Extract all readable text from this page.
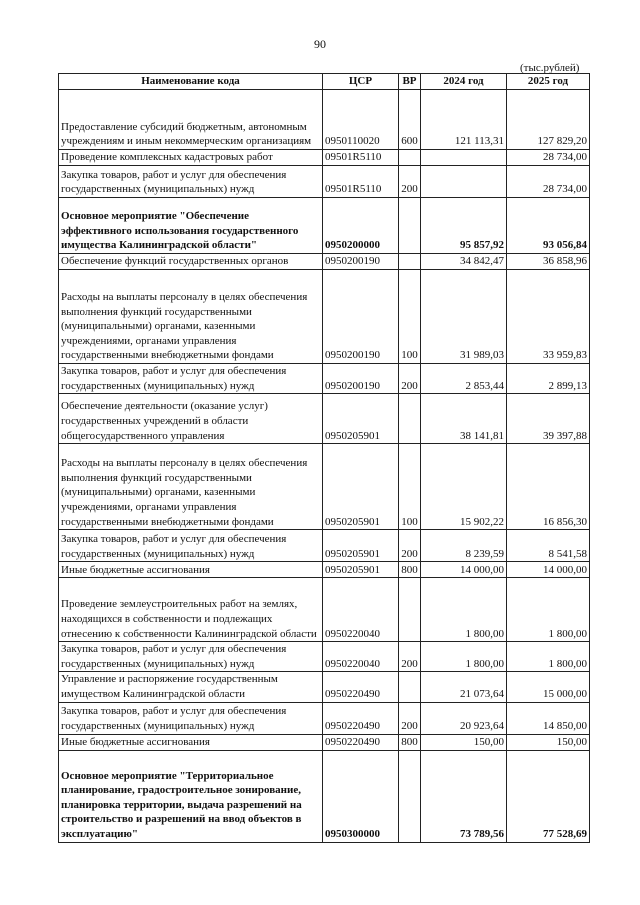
90
(тыс.рублей)
Наименование кода	ЦСР	ВР	2024 год	2025 год
Предоставление субсидий бюджетным, автономным учреждениям и иным некоммерческим организациям	0950110020	600	121 113,31	127 829,20
Проведение комплексных кадастровых работ	09501R5110			28 734,00
Закупка товаров, работ и услуг для обеспечения государственных (муниципальных) нужд	09501R5110	200		28 734,00
Основное мероприятие "Обеспечение эффективного использования государственного имущества Калининградской области"	0950200000		95 857,92	93 056,84
Обеспечение функций государственных органов	0950200190		34 842,47	36 858,96
Расходы на выплаты персоналу в целях обеспечения выполнения функций государственными (муниципальными) органами, казенными учреждениями, органами управления государственными внебюджетными фондами	0950200190	100	31 989,03	33 959,83
Закупка товаров, работ и услуг для обеспечения государственных (муниципальных) нужд	0950200190	200	2 853,44	2 899,13
Обеспечение деятельности (оказание услуг) государственных учреждений в области общегосударственного управления	0950205901		38 141,81	39 397,88
Расходы на выплаты персоналу в целях обеспечения выполнения функций государственными (муниципальными) органами, казенными учреждениями, органами управления государственными внебюджетными фондами	0950205901	100	15 902,22	16 856,30
Закупка товаров, работ и услуг для обеспечения государственных (муниципальных) нужд	0950205901	200	8 239,59	8 541,58
Иные бюджетные ассигнования	0950205901	800	14 000,00	14 000,00
Проведение землеустроительных работ на землях, находящихся в собственности и подлежащих отнесению к собственности Калининградской области	0950220040		1 800,00	1 800,00
Закупка товаров, работ и услуг для обеспечения государственных (муниципальных) нужд	0950220040	200	1 800,00	1 800,00
Управление и распоряжение государственным имуществом Калининградской области	0950220490		21 073,64	15 000,00
Закупка товаров, работ и услуг для обеспечения государственных (муниципальных) нужд	0950220490	200	20 923,64	14 850,00
Иные бюджетные ассигнования	0950220490	800	150,00	150,00
Основное мероприятие "Территориальное планирование, градостроительное зонирование, планировка территории, выдача разрешений на строительство и разрешений на ввод объектов в эксплуатацию"	0950300000		73 789,56	77 528,69
